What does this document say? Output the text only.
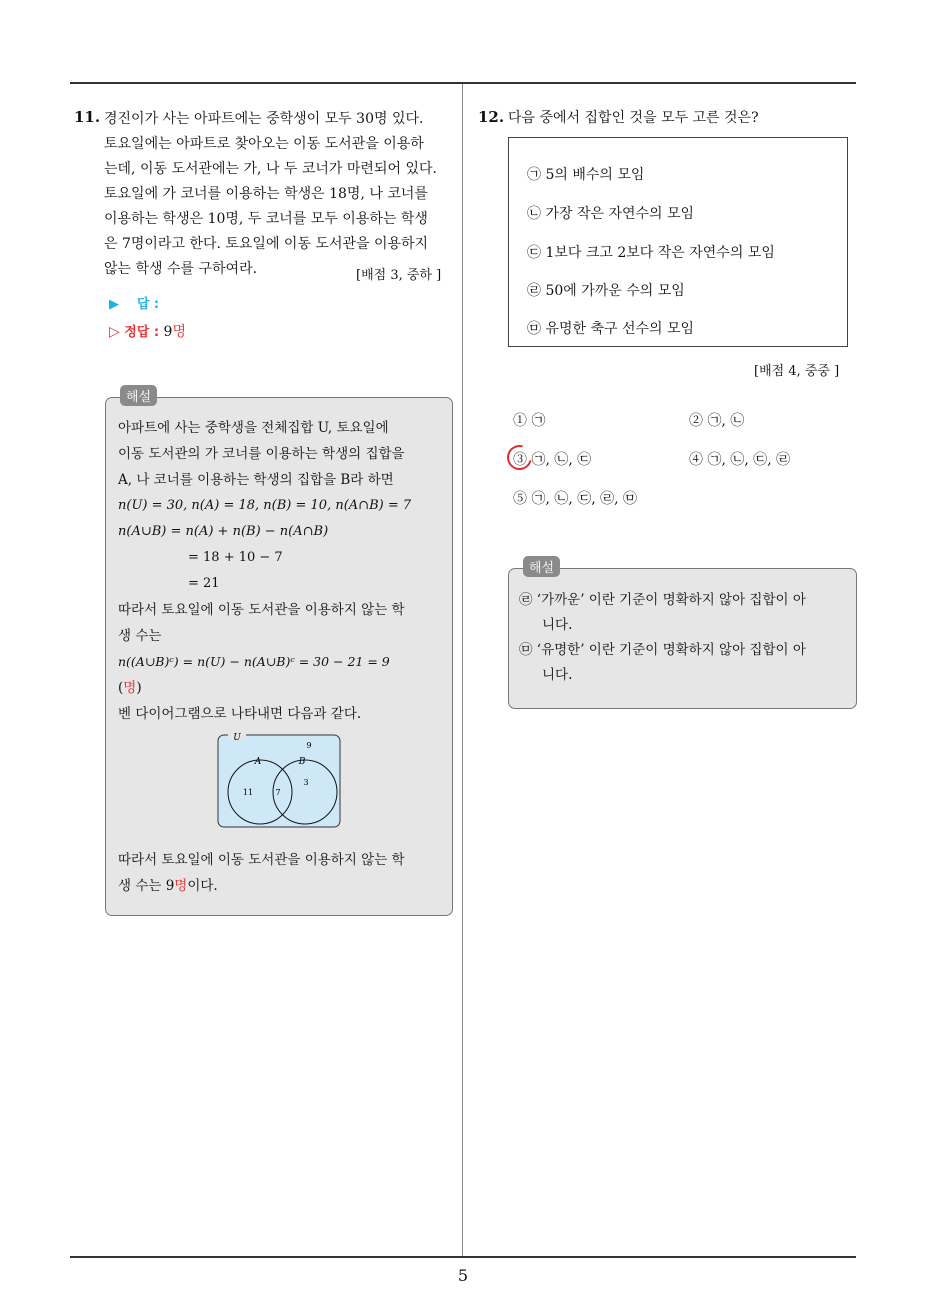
5
11. 경진이가 사는 아파트에는 중학생이 모두 30명 있다.

토요일에는 아파트로 찾아오는 이동 도서관을 이용하

는데, 이동 도서관에는 가, 나 두 코너가 마련되어 있다.

토요일에 가 코너를 이용하는 학생은 18명, 나 코너를

이용하는 학생은 10명, 두 코너를 모두 이용하는 학생

은 7명이라고 한다. 토요일에 이동 도서관을 이용하지

않는 학생 수를 구하여라.	[배점 3, 중하 ]
▶ 답 :
▷ 정답 : 9명
해설
아파트에 사는 중학생을 전체집합 U, 토요일에
이동 도서관의 가 코너를 이용하는 학생의 집합을
A, 나 코너를 이용하는 학생의 집합을 B라 하면
n(U) = 30, n(A) = 18, n(B) = 10, n(A∩B) = 7
n(A∪B) = n(A) + n(B) − n(A∩B)
= 18 + 10 − 7
= 21
따라서 토요일에 이동 도서관을 이용하지 않는 학
생 수는
n((A∪B)ᶜ) = n(U) − n(A∪B)ᶜ = 30 − 21 = 9
(명)
벤 다이어그램으로 나타내면 다음과 같다.
U
A	B
9
11	7
3
따라서 토요일에 이동 도서관을 이용하지 않는 학
생 수는 9명이다.
12. 다음 중에서 집합인 것을 모두 고른 것은?
㉠ 5의 배수의 모임
㉡ 가장 작은 자연수의 모임
㉢ 1보다 크고 2보다 작은 자연수의 모임
㉣ 50에 가까운 수의 모임
㉤ 유명한 축구 선수의 모임
[배점 4, 중중 ]
① ㉠	② ㉠, ㉡
③ ㉠, ㉡, ㉢	④ ㉠, ㉡, ㉢, ㉣
⑤ ㉠, ㉡, ㉢, ㉣, ㉤
해설
㉣ ‘가까운’ 이란 기준이 명확하지 않아 집합이 아
니다.
㉤ ‘유명한’ 이란 기준이 명확하지 않아 집합이 아
니다.
